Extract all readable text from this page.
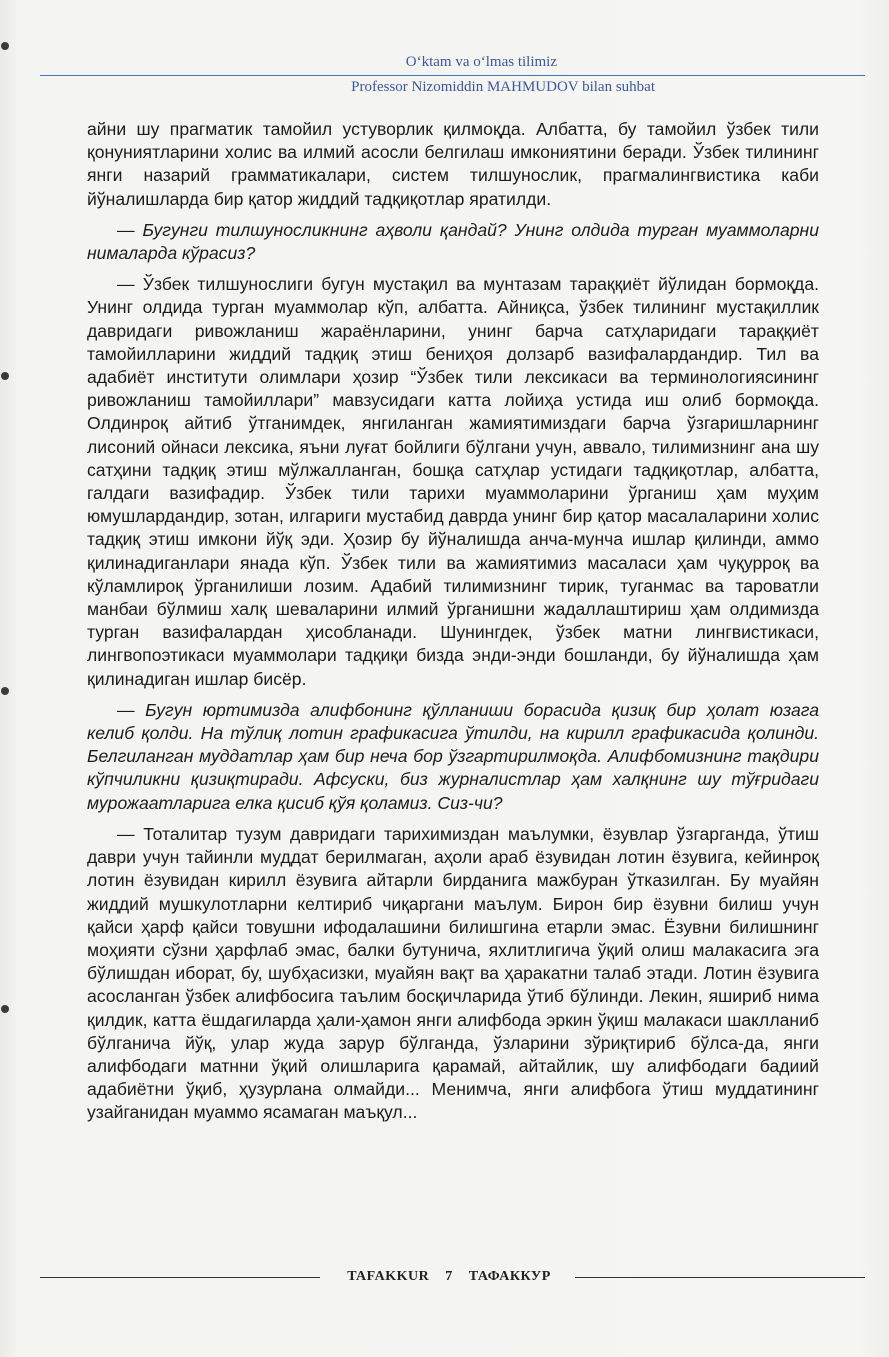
O‘ktam va o‘lmas tilimiz
Professor Nizomiddin MAHMUDOV bilan suhbat

айни шу прагматик тамойил устуворлик қилмоқда. Албатта, бу тамойил ўзбек тили қонуниятларини холис ва илмий асосли белгилаш имкониятини беради. Ўзбек тилининг янги назарий грамматикалари, систем тилшунослик, прагмалингвистика каби йўналишларда бир қатор жиддий тадқиқотлар яратилди.

— Бугунги тилшуносликнинг аҳволи қандай? Унинг олдида турган муаммоларни нималарда кўрасиз?

— Ўзбек тилшунослиги бугун мустақил ва мунтазам тараққиёт йўлидан бормоқда. Унинг олдида турган муаммолар кўп, албатта. Айниқса, ўзбек тилининг мустақиллик давридаги ривожланиш жараёнларини, унинг барча сатҳларидаги тараққиёт тамойилларини жиддий тадқиқ этиш бениҳоя долзарб вазифалардандир. Тил ва адабиёт институти олимлари ҳозир “Ўзбек тили лексикаси ва терминологиясининг ривожланиш тамойиллари” мавзусидаги катта лойиҳа устида иш олиб бормоқда. Олдинроқ айтиб ўтганимдек, янгиланган жамиятимиздаги барча ўзгаришларнинг лисоний ойнаси лексика, яъни луғат бойлиги бўлгани учун, аввало, тилимизнинг ана шу сатҳини тадқиқ этиш мўлжалланган, бошқа сатҳлар устидаги тадқиқотлар, албатта, галдаги вазифадир. Ўзбек тили тарихи муаммоларини ўрганиш ҳам муҳим юмушлардандир, зотан, илгариги мустабид даврда унинг бир қатор масалаларини холис тадқиқ этиш имкони йўқ эди. Ҳозир бу йўналишда анча-мунча ишлар қилинди, аммо қилинадиганлари янада кўп. Ўзбек тили ва жамиятимиз масаласи ҳам чуқурроқ ва кўламлироқ ўрганилиши лозим. Адабий тилимизнинг тирик, туганмас ва тароватли манбаи бўлмиш халқ шеваларини илмий ўрганишни жадаллаштириш ҳам олдимизда турган вазифалардан ҳисобланади. Шунингдек, ўзбек матни лингвистикаси, лингвопоэтикаси муаммолари тадқиқи бизда энди-энди бошланди, бу йўналишда ҳам қилинадиган ишлар бисёр.

— Бугун юртимизда алифбонинг қўлланиши борасида қизиқ бир ҳолат юзага келиб қолди. На тўлиқ лотин графикасига ўтилди, на кирилл графикасида қолинди. Белгиланган муддатлар ҳам бир неча бор ўзгартирилмоқда. Алифбомизнинг тақдири кўпчиликни қизиқтиради. Афсуски, биз журналистлар ҳам халқнинг шу тўғридаги мурожаатларига елка қисиб қўя қоламиз. Сиз-чи?

— Тоталитар тузум давридаги тарихимиздан маълумки, ёзувлар ўзгарганда, ўтиш даври учун тайинли муддат берилмаган, аҳоли араб ёзувидан лотин ёзувига, кейинроқ лотин ёзувидан кирилл ёзувига айтарли бирданига мажбуран ўтказилган. Бу муайян жиддий мушкулотларни келтириб чиқаргани маълум. Бирон бир ёзувни билиш учун қайси ҳарф қайси товушни ифодалашини билишгина етарли эмас. Ёзувни билишнинг моҳияти сўзни ҳарфлаб эмас, балки бутунича, яхлитлигича ўқий олиш малакасига эга бўлишдан иборат, бу, шубҳасизки, муайян вақт ва ҳаракатни талаб этади. Лотин ёзувига асосланган ўзбек алифбосига таълим босқичларида ўтиб бўлинди. Лекин, яшириб нима қилдик, катта ёшдагиларда ҳали-ҳамон янги алифбода эркин ўқиш малакаси шаклланиб бўлганича йўқ, улар жуда зарур бўлганда, ўзларини зўриқтириб бўлса-да, янги алифбодаги матнни ўқий олишларига қарамай, айтайлик, шу алифбодаги бадиий адабиётни ўқиб, ҳузурлана олмайди... Менимча, янги алифбога ўтиш муддатининг узайганидан муаммо ясамаган маъқул...

TAFAKKUR 7 ТАФАККУР
